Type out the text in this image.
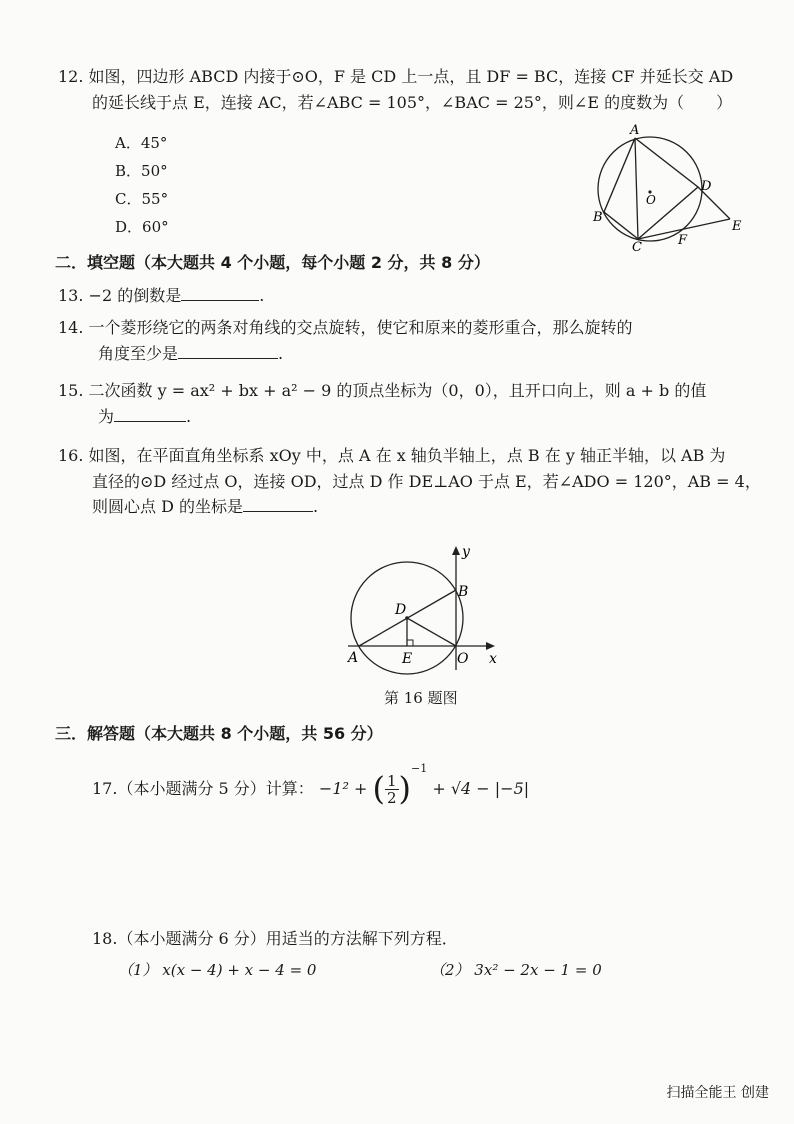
12. 如图，四边形 ABCD 内接于⊙O，F 是 CD 上一点，且 DF = BC，连接 CF 并延长交 AD
的延长线于点 E，连接 AC，若∠ABC = 105°，∠BAC = 25°，则∠E 的度数为（　　）
A．45°
B．50°
C．55°
D．60°
A
B
C
D
E
F
O
二．填空题（本大题共 4 个小题，每个小题 2 分，共 8 分）
13. −2 的倒数是	.
14. 一个菱形绕它的两条对角线的交点旋转，使它和原来的菱形重合，那么旋转的
角度至少是	.
15. 二次函数 y = ax² + bx + a² − 9 的顶点坐标为（0，0），且开口向上，则 a + b 的值
为	.
16. 如图，在平面直角坐标系 xOy 中，点 A 在 x 轴负半轴上，点 B 在 y 轴正半轴，以 AB 为
直径的⊙D 经过点 O，连接 OD，过点 D 作 DE⊥AO 于点 E，若∠ADO = 120°，AB = 4，
则圆心点 D 的坐标是	.
A
B
D
E	O x
y
第 16 题图
三．解答题（本大题共 8 个小题，共 56 分）
17.（本小题满分 5 分）计算： −1² + ( $\frac{1}{2} )^{-1} + √4 - |-5|$
18.（本小题满分 6 分）用适当的方法解下列方程．
（1） x(x − 4) + x − 4 = 0	（2） 3x² − 2x − 1 = 0
扫描全能王 创建
